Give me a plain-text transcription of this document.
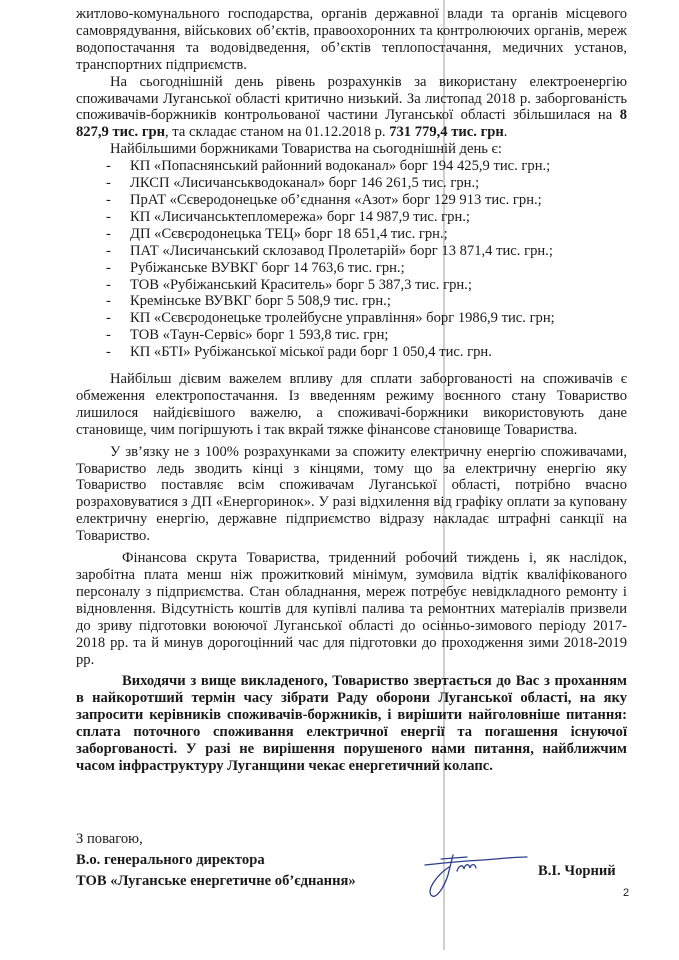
житлово-комунального господарства, органів державної влади та органів місцевого самоврядування, військових об’єктів, правоохоронних та контролюючих органів, мереж водопостачання та водовідведення, об’єктів теплопостачання, медичних установ, транспортних підприємств.

На сьогоднішній день рівень розрахунків за використану електроенергію споживачами Луганської області критично низький. За листопад 2018 р. заборгованість споживачів-боржників контрольованої частини Луганської області збільшилася на 8 827,9 тис. грн, та складає станом на 01.12.2018 р. 731 779,4 тис. грн.

Найбільшими боржниками Товариства на сьогоднішній день є:

- КП «Попаснянський районний водоканал» борг 194 425,9 тис. грн.;
- ЛКСП «Лисичанськводоканал» борг 146 261,5 тис. грн.;
- ПрАТ «Сєверодонецьке об’єднання «Азот» борг 129 913 тис. грн.;
- КП «Лисичанськтепломережа» борг 14 987,9 тис. грн.;
- ДП «Сєвєродонецька ТЕЦ» борг 18 651,4 тис. грн.;
- ПАТ «Лисичанський склозавод Пролетарій» борг 13 871,4 тис. грн.;
- Рубіжанське ВУВКГ борг 14 763,6 тис. грн.;
- ТОВ «Рубіжанський Краситель» борг 5 387,3 тис. грн.;
- Кремінське ВУВКГ борг 5 508,9 тис. грн.;
- КП «Сєвєродонецьке тролейбусне управління» борг 1986,9 тис. грн;
- ТОВ «Таун-Сервіс» борг 1 593,8 тис. грн;
- КП «БТІ» Рубіжанської міської ради борг 1 050,4 тис. грн.

Найбільш дієвим важелем впливу для сплати заборгованості на споживачів є обмеження електропостачання. Із введенням режиму воєнного стану Товариство лишилося найдієвішого важелю, а споживачі-боржники використовують дане становище, чим погіршують і так вкрай тяжке фінансове становище Товариства.

У зв’язку не з 100% розрахунками за спожиту електричну енергію споживачами, Товариство ледь зводить кінці з кінцями, тому що за електричну енергію яку Товариство поставляє всім споживачам Луганської області, потрібно вчасно розраховуватися з ДП «Енергоринок». У разі відхилення від графіку оплати за куповану електричну енергію, державне підприємство відразу накладає штрафні санкції на Товариство.

Фінансова скрута Товариства, триденний робочий тиждень і, як наслідок, заробітна плата менш ніж прожитковий мінімум, зумовила відтік кваліфікованого персоналу з підприємства. Стан обладнання, мереж потребує невідкладного ремонту і відновлення. Відсутність коштів для купівлі палива та ремонтних матеріалів призвели до зриву підготовки воюючої Луганської області до осінньо-зимового періоду 2017-2018 рр. та й минув дорогоцінний час для підготовки до проходження зими 2018-2019 рр.

Виходячи з вище викладеного, Товариство звертається до Вас з проханням в найкоротший термін часу зібрати Раду оборони Луганської області, на яку запросити керівників споживачів-боржників, і вирішити найголовніше питання: сплата поточного споживання електричної енергії та погашення існуючої заборгованості. У разі не вирішення порушеного нами питання, найближчим часом інфраструктуру Луганщини чекає енергетичний колапс.

З повагою,
В.о. генерального директора
ТОВ «Луганське енергетичне об’єднання»
В.І. Чорний
2
